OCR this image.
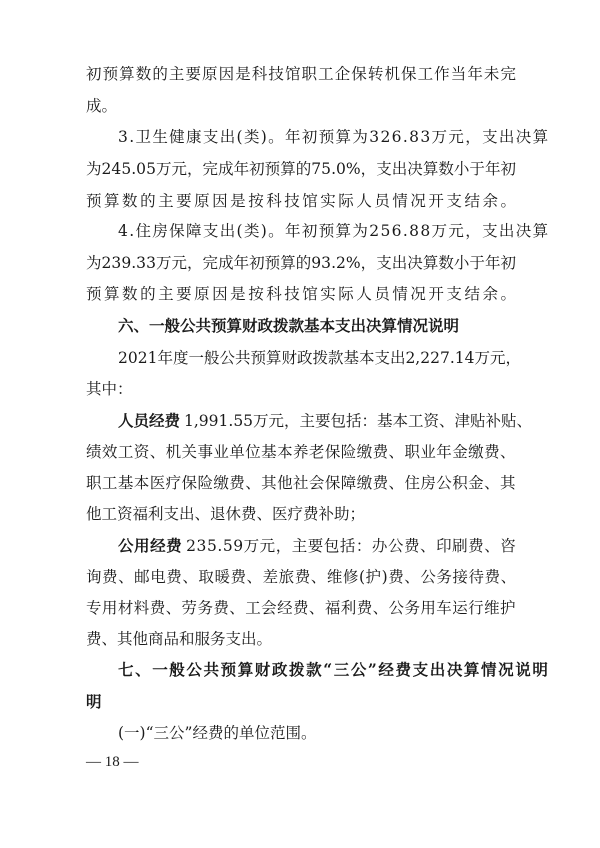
初预算数的主要原因是科技馆职工企保转机保工作当年未完
成。
3.卫生健康支出(类)。年初预算为326.83万元，支出决算
为245.05万元，完成年初预算的75.0%，支出决算数小于年初
预算数的主要原因是按科技馆实际人员情况开支结余。
4.住房保障支出(类)。年初预算为256.88万元，支出决算
为239.33万元，完成年初预算的93.2%，支出决算数小于年初
预算数的主要原因是按科技馆实际人员情况开支结余。
六、一般公共预算财政拨款基本支出决算情况说明
2021年度一般公共预算财政拨款基本支出2,227.14万元，
其中：
人员经费 1,991.55万元，主要包括：基本工资、津贴补贴、
绩效工资、机关事业单位基本养老保险缴费、职业年金缴费、
职工基本医疗保险缴费、其他社会保障缴费、住房公积金、其
他工资福利支出、退休费、医疗费补助；
公用经费 235.59万元，主要包括：办公费、印刷费、咨
询费、邮电费、取暖费、差旅费、维修(护)费、公务接待费、
专用材料费、劳务费、工会经费、福利费、公务用车运行维护
费、其他商品和服务支出。
七、一般公共预算财政拨款“三公”经费支出决算情况说明
明
(一)“三公”经费的单位范围。
— 18 —
